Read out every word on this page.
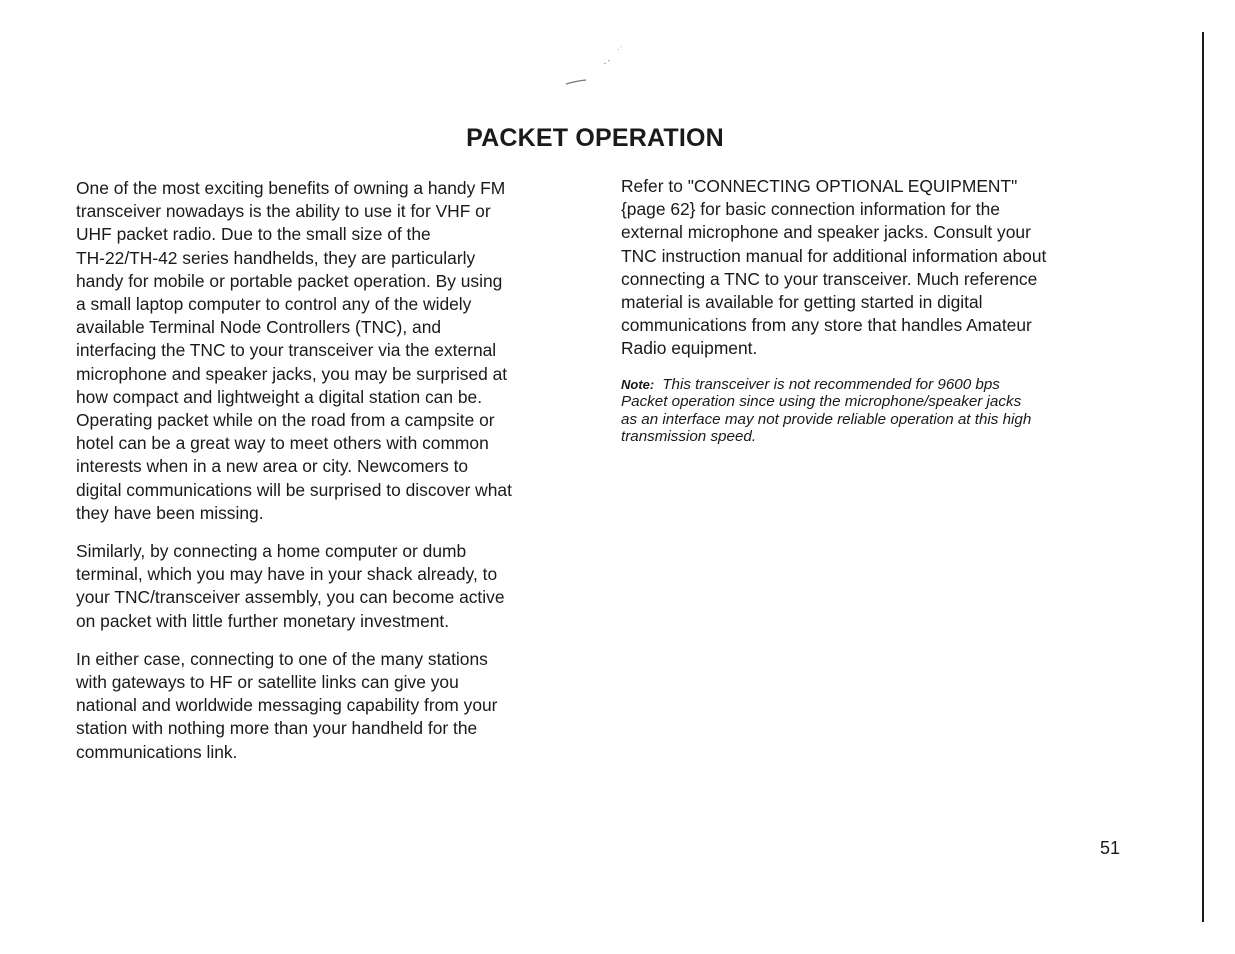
PACKET OPERATION

One of the most exciting benefits of owning a handy FM
transceiver nowadays is the ability to use it for VHF or
UHF packet radio. Due to the small size of the
TH-22/TH-42 series handhelds, they are particularly
handy for mobile or portable packet operation. By using
a small laptop computer to control any of the widely
available Terminal Node Controllers (TNC), and
interfacing the TNC to your transceiver via the external
microphone and speaker jacks, you may be surprised at
how compact and lightweight a digital station can be.
Operating packet while on the road from a campsite or
hotel can be a great way to meet others with common
interests when in a new area or city. Newcomers to
digital communications will be surprised to discover what
they have been missing.

Similarly, by connecting a home computer or dumb
terminal, which you may have in your shack already, to
your TNC/transceiver assembly, you can become active
on packet with little further monetary investment.

In either case, connecting to one of the many stations
with gateways to HF or satellite links can give you
national and worldwide messaging capability from your
station with nothing more than your handheld for the
communications link.

Refer to "CONNECTING OPTIONAL EQUIPMENT"
{page 62} for basic connection information for the
external microphone and speaker jacks. Consult your
TNC instruction manual for additional information about
connecting a TNC to your transceiver. Much reference
material is available for getting started in digital
communications from any store that handles Amateur
Radio equipment.

Note: This transceiver is not recommended for 9600 bps
Packet operation since using the microphone/speaker jacks
as an interface may not provide reliable operation at this high
transmission speed.
51
